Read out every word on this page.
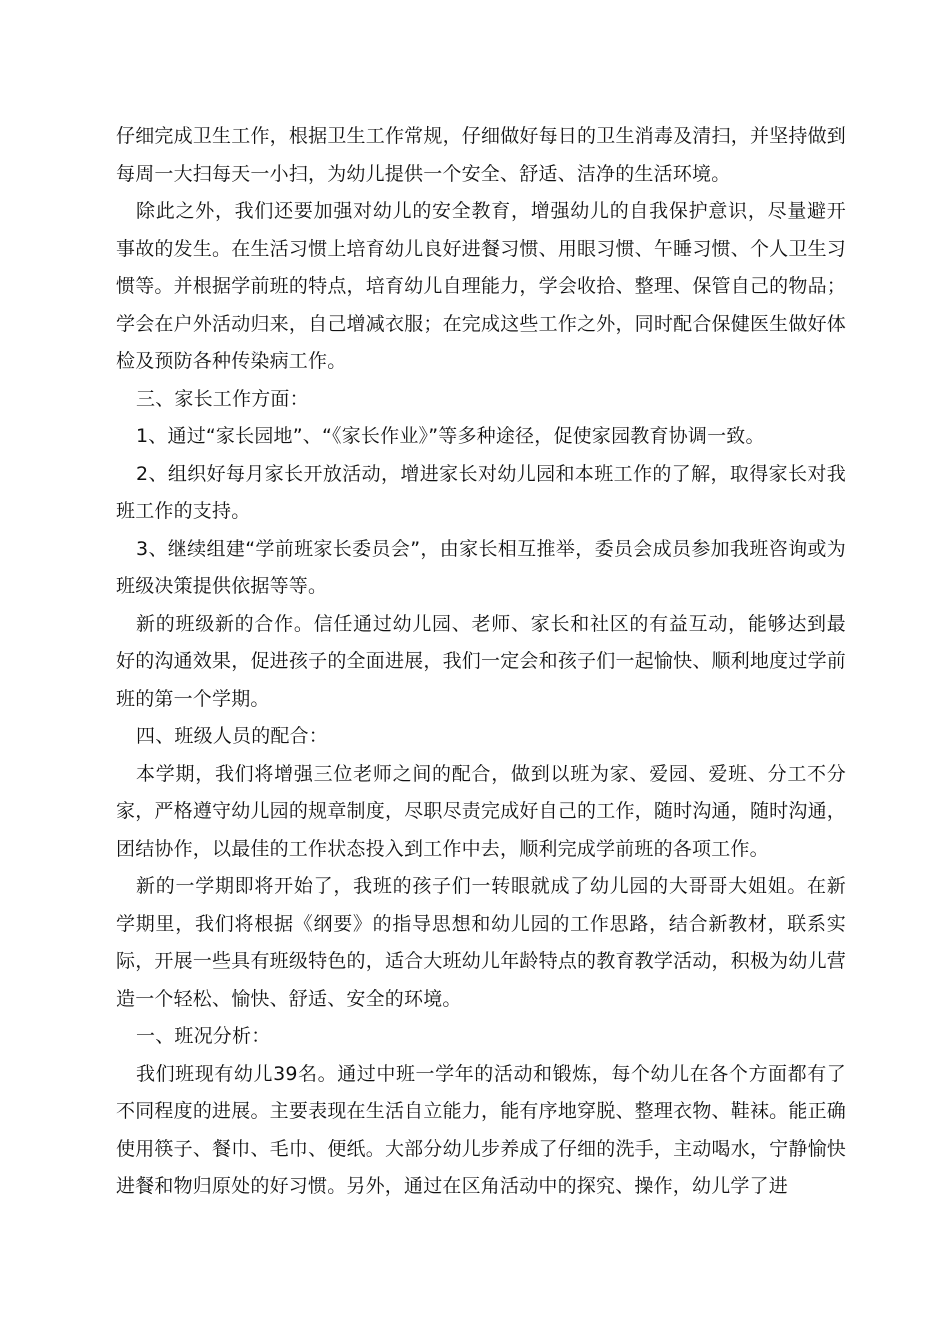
仔细完成卫生工作，根据卫生工作常规，仔细做好每日的卫生消毒及清扫，并坚持做到每周一大扫每天一小扫，为幼儿提供一个安全、舒适、洁净的生活环境。

除此之外，我们还要加强对幼儿的安全教育，增强幼儿的自我保护意识，尽量避开事故的发生。在生活习惯上培育幼儿良好进餐习惯、用眼习惯、午睡习惯、个人卫生习惯等。并根据学前班的特点，培育幼儿自理能力，学会收拾、整理、保管自己的物品；学会在户外活动归来，自己增减衣服；在完成这些工作之外，同时配合保健医生做好体检及预防各种传染病工作。

三、家长工作方面：

1、通过“家长园地”、“《家长作业》”等多种途径，促使家园教育协调一致。

2、组织好每月家长开放活动，增进家长对幼儿园和本班工作的了解，取得家长对我班工作的支持。

3、继续组建“学前班家长委员会”，由家长相互推举，委员会成员参加我班咨询或为班级决策提供依据等等。

新的班级新的合作。信任通过幼儿园、老师、家长和社区的有益互动，能够达到最好的沟通效果，促进孩子的全面进展，我们一定会和孩子们一起愉快、顺利地度过学前班的第一个学期。

四、班级人员的配合：

本学期，我们将增强三位老师之间的配合，做到以班为家、爱园、爱班、分工不分家，严格遵守幼儿园的规章制度，尽职尽责完成好自己的工作，随时沟通，随时沟通，团结协作，以最佳的工作状态投入到工作中去，顺利完成学前班的各项工作。

新的一学期即将开始了，我班的孩子们一转眼就成了幼儿园的大哥哥大姐姐。在新学期里，我们将根据《纲要》的指导思想和幼儿园的工作思路，结合新教材，联系实际，开展一些具有班级特色的，适合大班幼儿年龄特点的教育教学活动，积极为幼儿营造一个轻松、愉快、舒适、安全的环境。

一、班况分析：

我们班现有幼儿39名。通过中班一学年的活动和锻炼，每个幼儿在各个方面都有了不同程度的进展。主要表现在生活自立能力，能有序地穿脱、整理衣物、鞋袜。能正确使用筷子、餐巾、毛巾、便纸。大部分幼儿步养成了仔细的洗手，主动喝水，宁静愉快进餐和物归原处的好习惯。另外，通过在区角活动中的探究、操作，幼儿学了进
